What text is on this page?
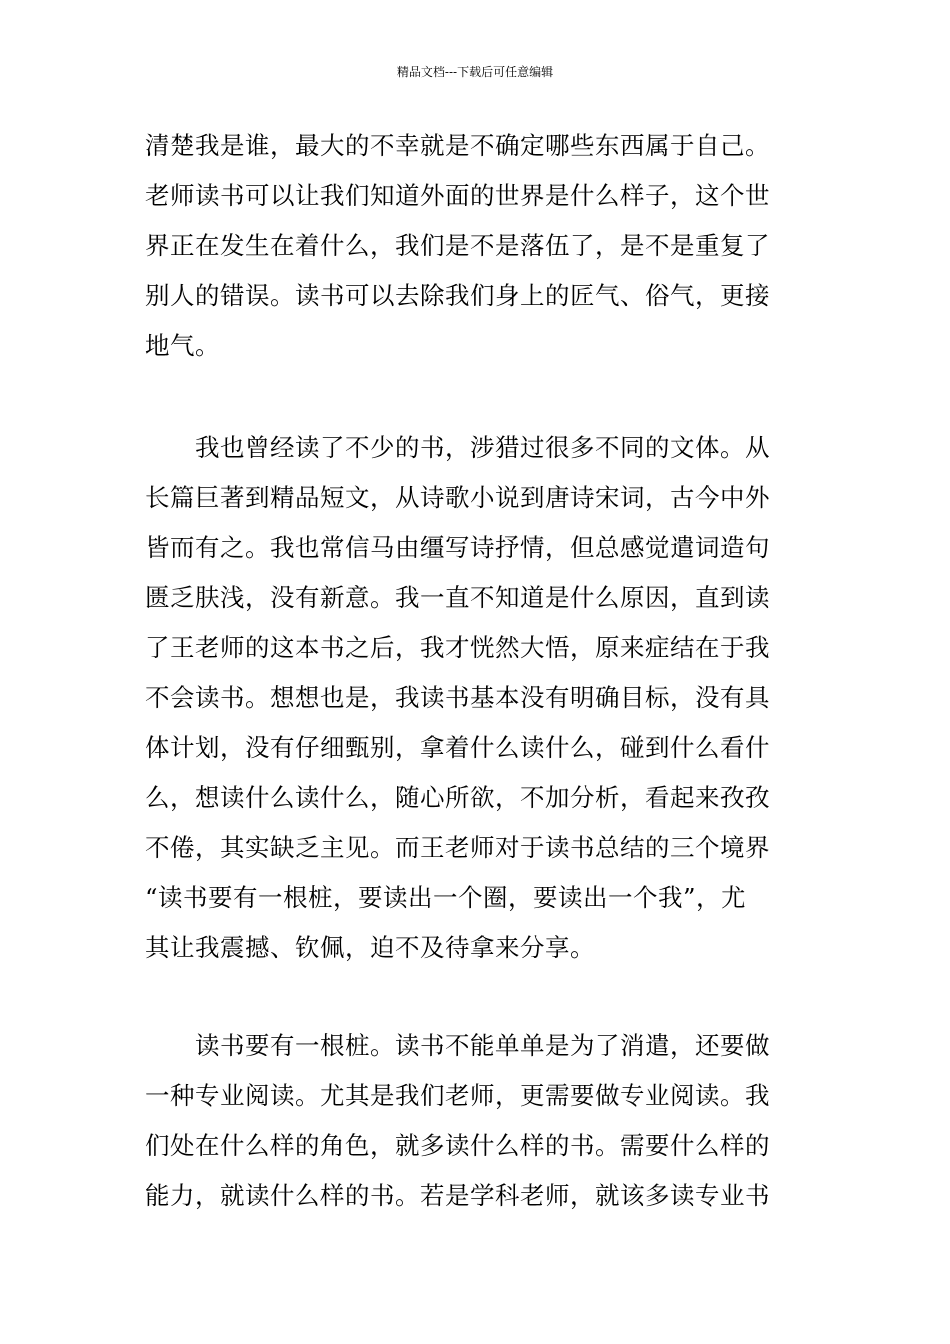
精品文档---下载后可任意编辑
清楚我是谁，最大的不幸就是不确定哪些东西属于自己。
老师读书可以让我们知道外面的世界是什么样子，这个世
界正在发生在着什么，我们是不是落伍了，是不是重复了
别人的错误。读书可以去除我们身上的匠气、俗气，更接
地气。
　　我也曾经读了不少的书，涉猎过很多不同的文体。从
长篇巨著到精品短文，从诗歌小说到唐诗宋词，古今中外
皆而有之。我也常信马由缰写诗抒情，但总感觉遣词造句
匮乏肤浅，没有新意。我一直不知道是什么原因，直到读
了王老师的这本书之后，我才恍然大悟，原来症结在于我
不会读书。想想也是，我读书基本没有明确目标，没有具
体计划，没有仔细甄别，拿着什么读什么，碰到什么看什
么，想读什么读什么，随心所欲，不加分析，看起来孜孜
不倦，其实缺乏主见。而王老师对于读书总结的三个境界
“读书要有一根桩，要读出一个圈，要读出一个我”，尤
其让我震撼、钦佩，迫不及待拿来分享。
　　读书要有一根桩。读书不能单单是为了消遣，还要做
一种专业阅读。尤其是我们老师，更需要做专业阅读。我
们处在什么样的角色，就多读什么样的书。需要什么样的
能力，就读什么样的书。若是学科老师，就该多读专业书
